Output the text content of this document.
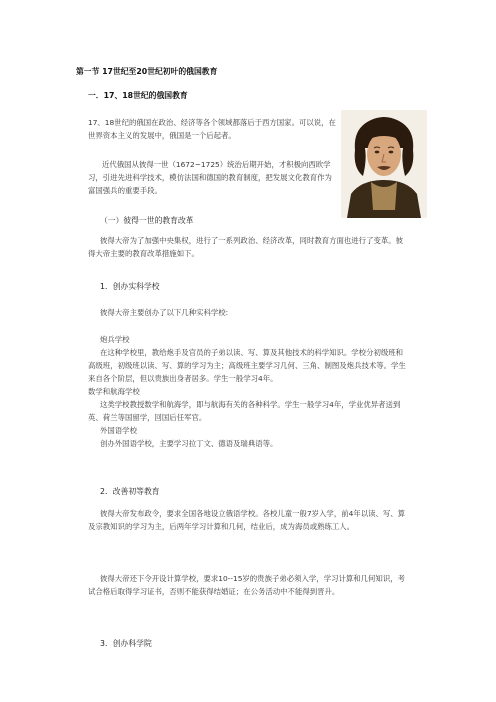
第一节 17世纪至20世纪初叶的俄国教育
一．17、18世纪的俄国教育

17、18世纪的俄国在政治、经济等各个领域都落后于西方国家。可以说，在世界资本主义的发展中，俄国是一个后起者。

近代俄国从彼得一世（1672~1725）统治后期开始，才积极向西欧学习，引进先进科学技术，模仿法国和德国的教育制度，把发展文化教育作为富国强兵的重要手段。

（一）彼得一世的教育改革

彼得大帝为了加强中央集权，进行了一系列政治、经济改革，同时教育方面也进行了变革。彼得大帝主要的教育改革措施如下。

1．创办实科学校
彼得大帝主要创办了以下几种实科学校:

炮兵学校

在这种学校里，教给炮手及官员的子弟以读、写、算及其他技术的科学知识。学校分初级班和高级班，初级班以读、写、算的学习为主；高级班主要学习几何、三角、制图及炮兵技术等。学生来自各个阶层，但以贵族出身者居多。学生一般学习4年。

数学和航海学校

这类学校教授数学和航海学，即与航海有关的各种科学。学生一般学习4年，学业优异者送到英、荷兰等国留学，回国后任军官。

外国语学校

创办外国语学校，主要学习拉丁文、德语及瑞典语等。

2．改善初等教育

彼得大帝发布政令，要求全国各地设立俄语学校。各校儿童一般7岁入学，前4年以读、写、算及宗教知识的学习为主，后两年学习计算和几何，结业后，成为海员或熟练工人。

彼得大帝还下令开设计算学校，要求10--15岁的贵族子弟必须入学，学习计算和几何知识，考试合格后取得学习证书，否则不能获得结婚证；在公务活动中不能得到晋升。

3．创办科学院
